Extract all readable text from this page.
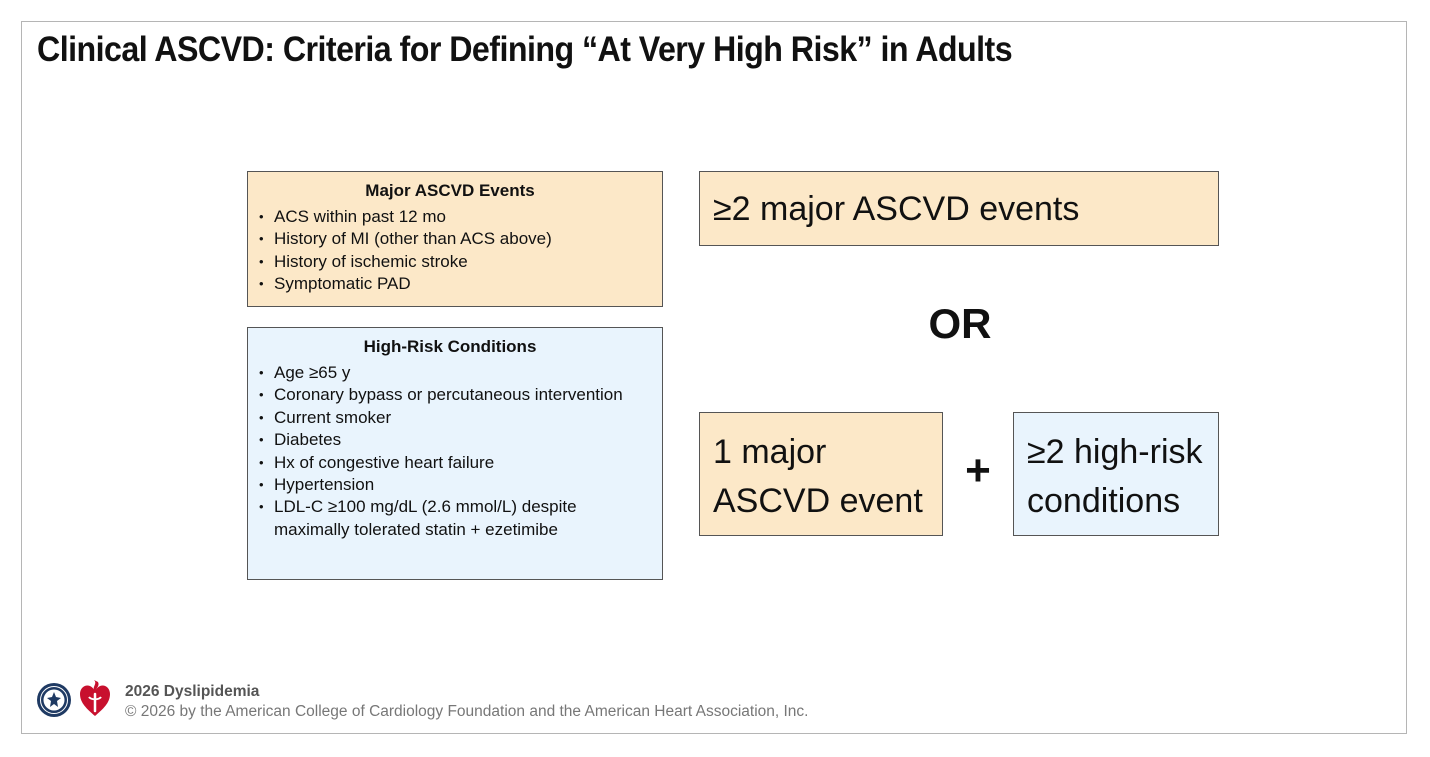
Clinical ASCVD: Criteria for Defining “At Very High Risk” in Adults
Major ASCVD Events
• ACS within past 12 mo
• History of MI (other than ACS above)
• History of ischemic stroke
• Symptomatic PAD
High-Risk Conditions
• Age ≥65 y
• Coronary bypass or percutaneous intervention
• Current smoker
• Diabetes
• Hx of congestive heart failure
• Hypertension
• LDL-C ≥100 mg/dL (2.6 mmol/L) despite maximally tolerated statin + ezetimibe
≥2 major ASCVD events
OR
1 major ASCVD event
+	≥2 high-risk conditions
2026 Dyslipidemia
© 2026 by the American College of Cardiology Foundation and the American Heart Association, Inc.
